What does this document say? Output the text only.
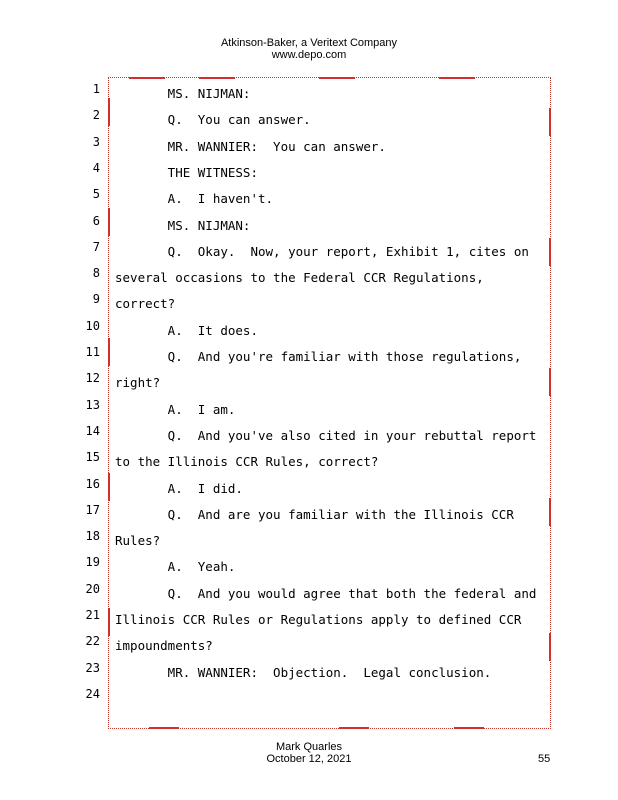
Atkinson-Baker, a Veritext Company
www.depo.com
1
2
3
4
5
6
7
8
9
10
11
12
13
14
15
16
17
18
19
20
21
22
23
24
MS. NIJMAN:
Q.  You can answer.
MR. WANNIER:  You can answer.
THE WITNESS:
A.  I haven't.
MS. NIJMAN:
Q.  Okay.  Now, your report, Exhibit 1, cites on
several occasions to the Federal CCR Regulations,
correct?
A.  It does.
Q.  And you're familiar with those regulations,
right?
A.  I am.
Q.  And you've also cited in your rebuttal report
to the Illinois CCR Rules, correct?
A.  I did.
Q.  And are you familiar with the Illinois CCR
Rules?
A.  Yeah.
Q.  And you would agree that both the federal and
Illinois CCR Rules or Regulations apply to defined CCR
impoundments?
MR. WANNIER:  Objection.  Legal conclusion.
Mark Quarles
October 12, 2021	55
